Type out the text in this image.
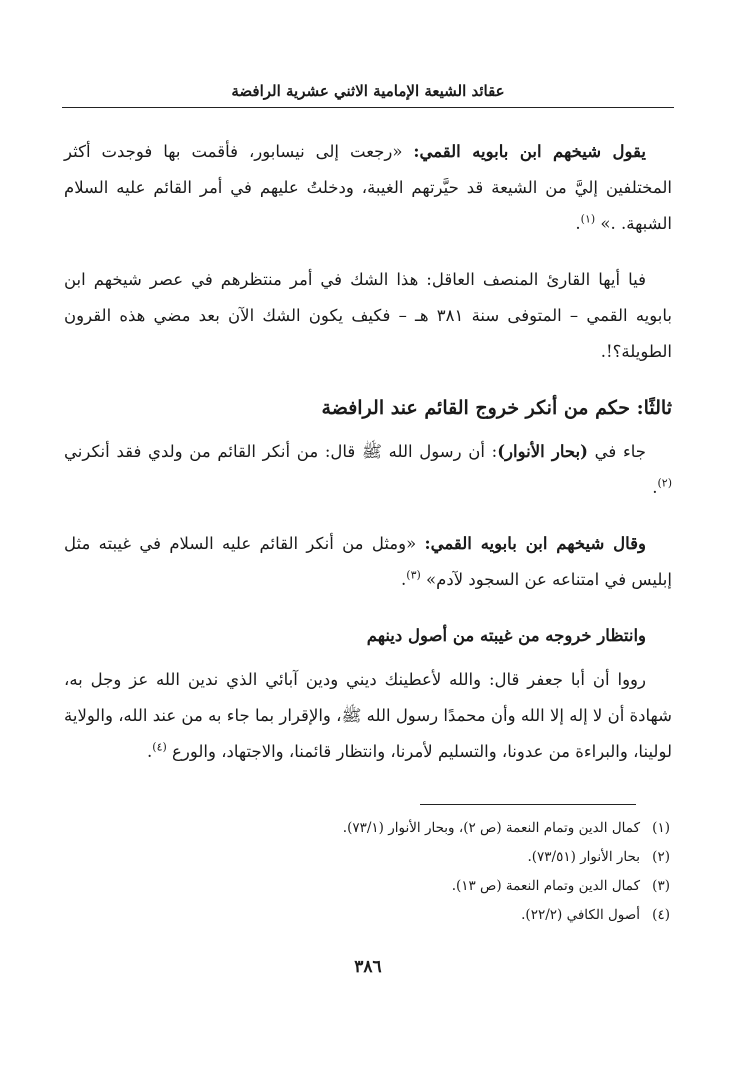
عقائد الشيعة الإمامية الاثني عشرية الرافضة

يقول شيخهم ابن بابويه القمي: «رجعت إلى نيسابور، فأقمت بها فوجدت أكثر المختلفين إليَّ من الشيعة قد حيَّرتهم الغيبة، ودخلتُ عليهم في أمر القائم عليه السلام الشبهة. .» $^{(١)}$.

فيا أيها القارئ المنصف العاقل: هذا الشك في أمر منتظرهم في عصر شيخهم ابن بابويه القمي – المتوفى سنة ٣٨١ هـ – فكيف يكون الشك الآن بعد مضي هذه القرون الطويلة؟!.

ثالثًا: حكم من أنكر خروج القائم عند الرافضة

جاء في (بحار الأنوار): أن رسول الله ﷺ قال: من أنكر القائم من ولدي فقد أنكرني $^{(٢)}$.

وقال شيخهم ابن بابويه القمي: «ومثل من أنكر القائم عليه السلام في غيبته مثل إبليس في امتناعه عن السجود لآدم» $^{(٣)}$.

وانتظار خروجه من غيبته من أصول دينهم

رووا أن أبا جعفر قال: والله لأعطينك ديني ودين آبائي الذي ندين الله عز وجل به، شهادة أن لا إله إلا الله وأن محمدًا رسول الله ﷺ، والإقرار بما جاء به من عند الله، والولاية لولينا، والبراءة من عدونا، والتسليم لأمرنا، وانتظار قائمنا، والاجتهاد، والورع $^{(٤)}$.

(١)كمال الدين وتمام النعمة (ص ٢)، وبحار الأنوار (٧٣/١).
(٢)بحار الأنوار (٧٣/٥١).
(٣)كمال الدين وتمام النعمة (ص ١٣).
(٤)أصول الكافي (٢٢/٢).
٣٨٦
